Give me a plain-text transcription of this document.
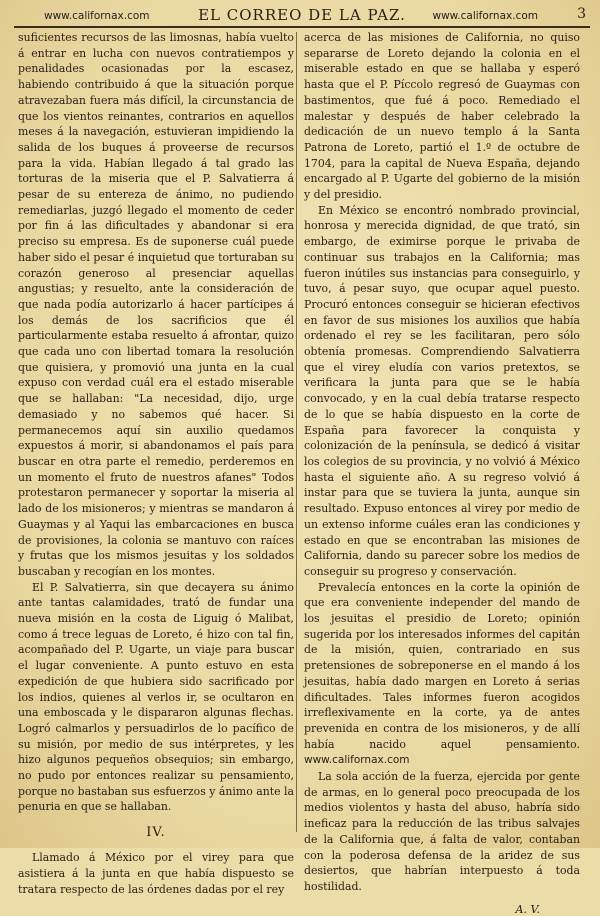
www.californax.com	EL CORREO DE LA PAZ.	www.californax.com	3

suficientes recursos de las limosnas, había vuelto á entrar en lucha con nuevos contratiempos y penalidades ocasionadas por la escasez, habiendo contribuido á que la situación porque atravezaban fuera más difícil, la circunstancia de que los vientos reinantes, contrarios en aquellos meses á la navegación, estuvieran impidiendo la salida de los buques á proveerse de recursos para la vida. Habían llegado á tal grado las torturas de la miseria que el P. Salvatierra á pesar de su entereza de ánimo, no pudiendo remediarlas, juzgó llegado el momento de ceder por fin á las dificultades y abandonar si era preciso su empresa. Es de suponerse cuál puede haber sido el pesar é inquietud que torturaban su corazón generoso al presenciar aquellas angustias; y resuelto, ante la consideración de que nada podía autorizarlo á hacer partícipes á los demás de los sacrificios que él particularmente estaba resuelto á afrontar, quizo que cada uno con libertad tomara la resolución que quisiera, y promovió una junta en la cual expuso con verdad cuál era el estado miserable que se hallaban: "La necesidad, dijo, urge demasiado y no sabemos qué hacer. Si permanecemos aquí sin auxilio quedamos expuestos á morir, si abandonamos el país para buscar en otra parte el remedio, perderemos en un momento el fruto de nuestros afanes" Todos protestaron permanecer y soportar la miseria al lado de los misioneros; y mientras se mandaron á Guaymas y al Yaqui las embarcaciones en busca de provisiones, la colonia se mantuvo con raíces y frutas que los mismos jesuitas y los soldados buscaban y recogían en los montes.

El P. Salvatierra, sin que decayera su ánimo ante tantas calamidades, trató de fundar una nueva misión en la costa de Liguig ó Malibat, como á trece leguas de Loreto, é hizo con tal fin, acompañado del P. Ugarte, un viaje para buscar el lugar conveniente. A punto estuvo en esta expedición de que hubiera sido sacrificado por los indios, quienes al verlos ir, se ocultaron en una emboscada y le dispararon algunas flechas. Logró calmarlos y persuadirlos de lo pacífico de su misión, por medio de sus intérpretes, y les hizo algunos pequeños obsequios; sin embargo, no pudo por entonces realizar su pensamiento, porque no bastaban sus esfuerzos y ánimo ante la penuria en que se hallaban.

IV.

Llamado á México por el virey para que asistiera á la junta en que había dispuesto se tratara respecto de las órdenes dadas por el rey

acerca de las misiones de California, no quiso separarse de Loreto dejando la colonia en el miserable estado en que se hallaba y esperó hasta que el P. Píccolo regresó de Guaymas con bastimentos, que fué á poco. Remediado el malestar y después de haber celebrado la dedicación de un nuevo templo á la Santa Patrona de Loreto, partió el 1.º de octubre de 1704, para la capital de Nueva España, dejando encargado al P. Ugarte del gobierno de la misión y del presidio.

En México se encontró nombrado provincial, honrosa y merecida dignidad, de que trató, sin embargo, de eximirse porque le privaba de continuar sus trabajos en la California; mas fueron inútiles sus instancias para conseguirlo, y tuvo, á pesar suyo, que ocupar aquel puesto. Procuró entonces conseguir se hicieran efectivos en favor de sus misiones los auxilios que había ordenado el rey se les facilitaran, pero sólo obtenía promesas. Comprendiendo Salvatierra que el virey eludía con varios pretextos, se verificara la junta para que se le había convocado, y en la cual debía tratarse respecto de lo que se había dispuesto en la corte de España para favorecer la conquista y colonización de la península, se dedicó á visitar los colegios de su provincia, y no volvió á México hasta el siguiente año. A su regreso volvió á instar para que se tuviera la junta, aunque sin resultado. Expuso entonces al virey por medio de un extenso informe cuáles eran las condiciones y estado en que se encontraban las misiones de California, dando su parecer sobre los medios de conseguir su progreso y conservación.

Prevalecía entonces en la corte la opinión de que era conveniente independer del mando de los jesuitas el presidio de Loreto; opinión sugerida por los interesados informes del capitán de la misión, quien, contrariado en sus pretensiones de sobreponerse en el mando á los jesuitas, había dado margen en Loreto á serias dificultades. Tales informes fueron acogidos irreflexivamente en la corte, ya de antes prevenida en contra de los misioneros, y de allí había nacido aquel pensamiento. www.californax.com

La sola acción de la fuerza, ejercida por gente de armas, en lo general poco preocupada de los medios violentos y hasta del abuso, habría sido ineficaz para la reducción de las tribus salvajes de la California que, á falta de valor, contaban con la poderosa defensa de la aridez de sus desiertos, que habrían interpuesto á toda hostilidad.

A. V.
